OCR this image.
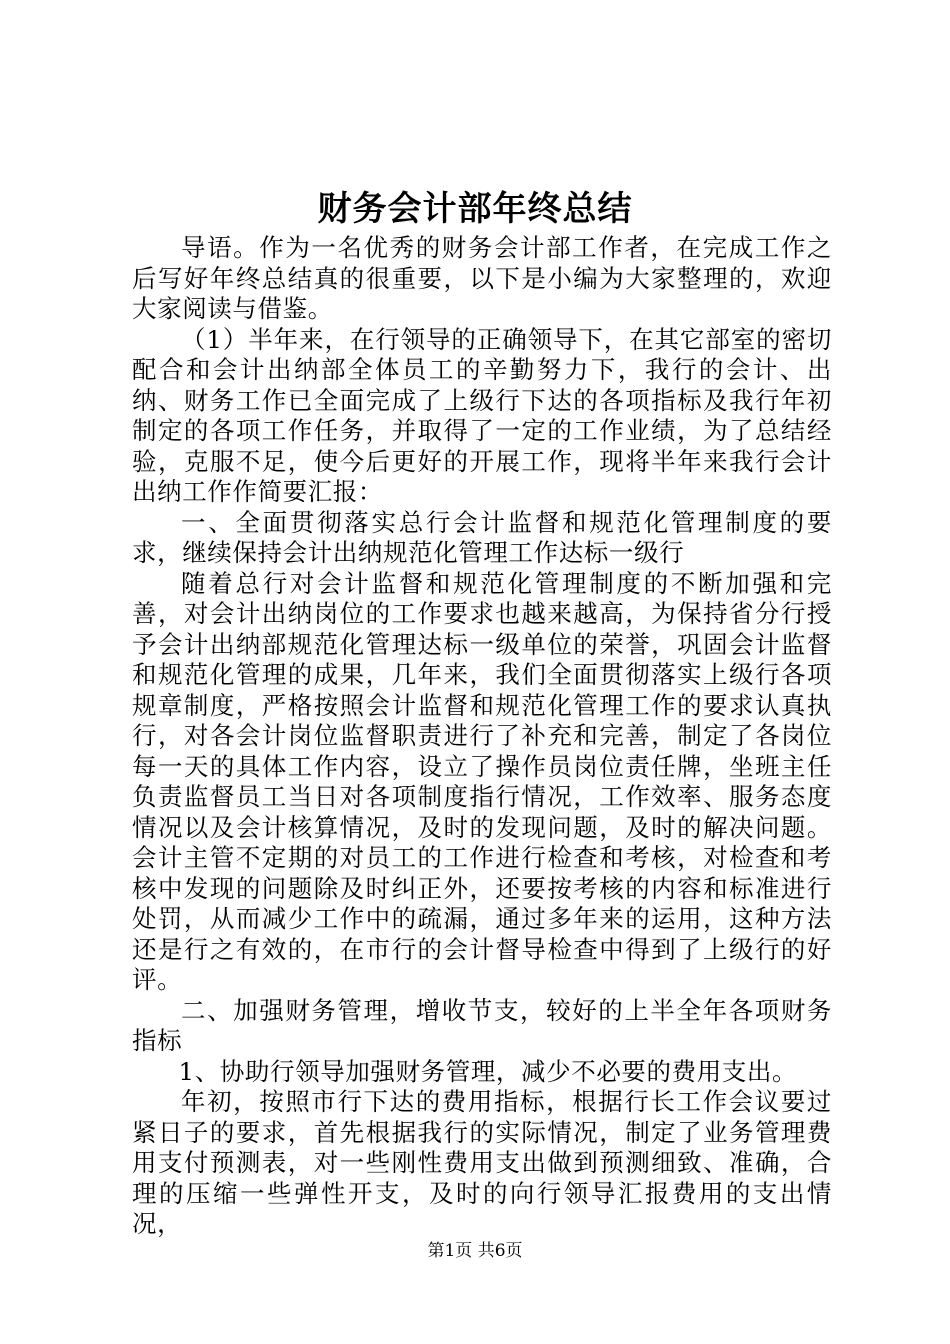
财务会计部年终总结

导语。作为一名优秀的财务会计部工作者，在完成工作之后写好年终总结真的很重要，以下是小编为大家整理的，欢迎大家阅读与借鉴。

（1）半年来，在行领导的正确领导下，在其它部室的密切配合和会计出纳部全体员工的辛勤努力下，我行的会计、出纳、财务工作已全面完成了上级行下达的各项指标及我行年初制定的各项工作任务，并取得了一定的工作业绩，为了总结经验，克服不足，使今后更好的开展工作，现将半年来我行会计出纳工作作简要汇报：

一、全面贯彻落实总行会计监督和规范化管理制度的要求，继续保持会计出纳规范化管理工作达标一级行

随着总行对会计监督和规范化管理制度的不断加强和完善，对会计出纳岗位的工作要求也越来越高，为保持省分行授予会计出纳部规范化管理达标一级单位的荣誉，巩固会计监督和规范化管理的成果，几年来，我们全面贯彻落实上级行各项规章制度，严格按照会计监督和规范化管理工作的要求认真执行，对各会计岗位监督职责进行了补充和完善，制定了各岗位每一天的具体工作内容，设立了操作员岗位责任牌，坐班主任负责监督员工当日对各项制度指行情况，工作效率、服务态度情况以及会计核算情况，及时的发现问题，及时的解决问题。会计主管不定期的对员工的工作进行检查和考核，对检查和考核中发现的问题除及时纠正外，还要按考核的内容和标准进行处罚，从而减少工作中的疏漏，通过多年来的运用，这种方法还是行之有效的，在市行的会计督导检查中得到了上级行的好评。

二、加强财务管理，增收节支，较好的上半全年各项财务指标

1、协助行领导加强财务管理，减少不必要的费用支出。

年初，按照市行下达的费用指标，根据行长工作会议要过紧日子的要求，首先根据我行的实际情况，制定了业务管理费用支付预测表，对一些刚性费用支出做到预测细致、准确，合理的压缩一些弹性开支，及时的向行领导汇报费用的支出情况，

第1页 共6页
